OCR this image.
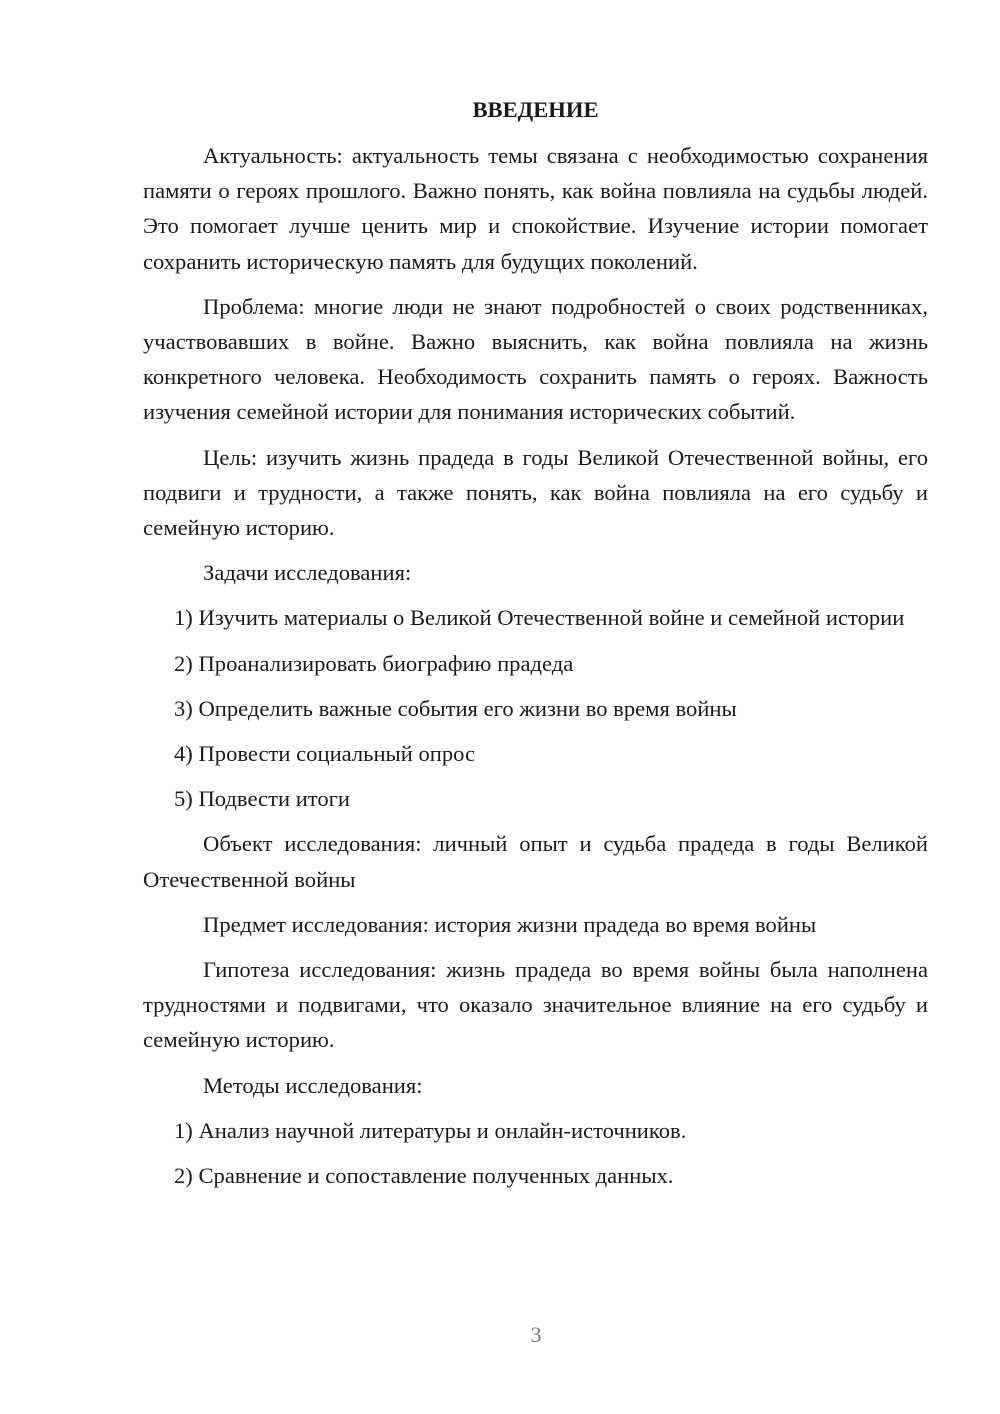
ВВЕДЕНИЕ
Актуальность: актуальность темы связана с необходимостью сохранения памяти о героях прошлого. Важно понять, как война повлияла на судьбы людей. Это помогает лучше ценить мир и спокойствие. Изучение истории помогает сохранить историческую память для будущих поколений.
Проблема: многие люди не знают подробностей о своих родственниках, участвовавших в войне. Важно выяснить, как война повлияла на жизнь конкретного человека. Необходимость сохранить память о героях. Важность изучения семейной истории для понимания исторических событий.
Цель: изучить жизнь прадеда в годы Великой Отечественной войны, его подвиги и трудности, а также понять, как война повлияла на его судьбу и семейную историю.
Задачи исследования:
1) Изучить материалы о Великой Отечественной войне и семейной истории
2) Проанализировать биографию прадеда
3) Определить важные события его жизни во время войны
4) Провести социальный опрос
5) Подвести итоги
Объект исследования: личный опыт и судьба прадеда в годы Великой Отечественной войны
Предмет исследования: история жизни прадеда во время войны
Гипотеза исследования: жизнь прадеда во время войны была наполнена трудностями и подвигами, что оказало значительное влияние на его судьбу и семейную историю.
Методы исследования:
1) Анализ научной литературы и онлайн-источников.
2) Сравнение и сопоставление полученных данных.
3
